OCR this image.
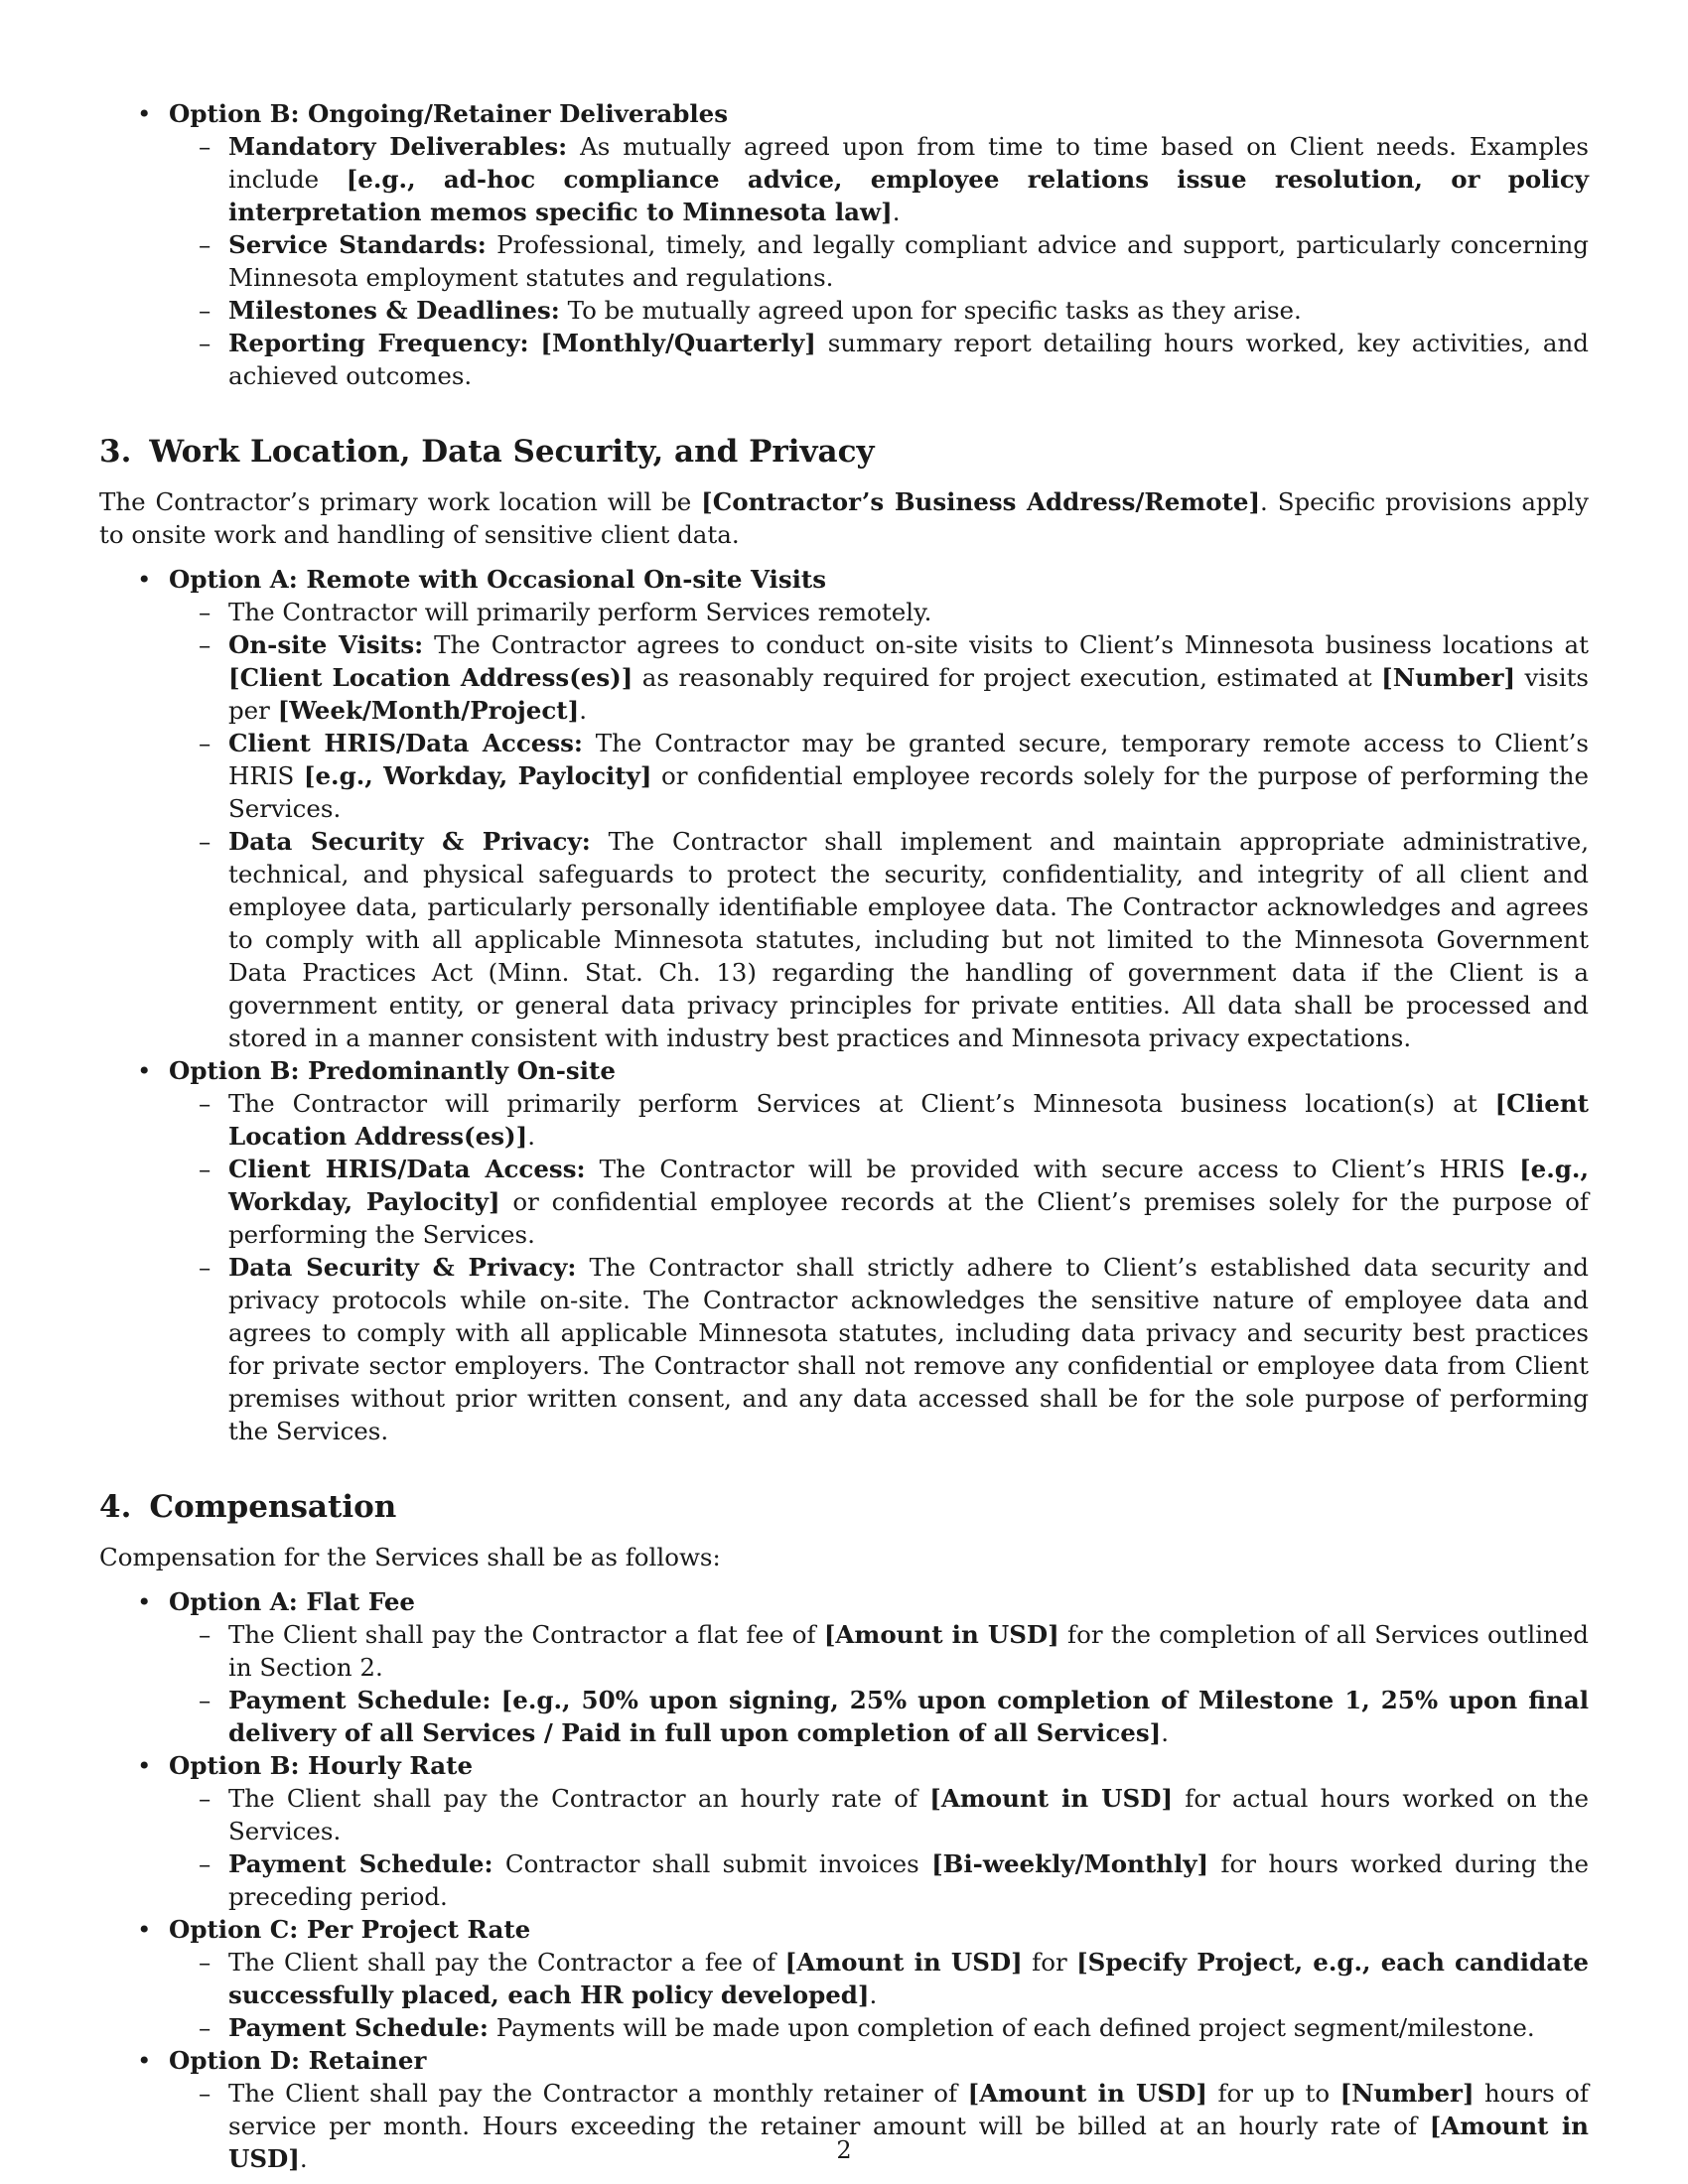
• Option B: Ongoing/Retainer Deliverables
– Mandatory Deliverables: As mutually agreed upon from time to time based on Client needs. Examples include [e.g., ad-hoc compliance advice, employee relations issue resolution, or policy interpretation memos specific to Minnesota law].
– Service Standards: Professional, timely, and legally compliant advice and support, particularly concerning Minnesota employment statutes and regulations.
– Milestones & Deadlines: To be mutually agreed upon for specific tasks as they arise.
– Reporting Frequency: [Monthly/Quarterly] summary report detailing hours worked, key activities, and achieved outcomes.
3. Work Location, Data Security, and Privacy

The Contractor’s primary work location will be [Contractor’s Business Address/Remote]. Specific provisions apply to onsite work and handling of sensitive client data.

• Option A: Remote with Occasional On-site Visits
– The Contractor will primarily perform Services remotely.
– On-site Visits: The Contractor agrees to conduct on-site visits to Client’s Minnesota business locations at [Client Location Address(es)] as reasonably required for project execution, estimated at [Number] visits per [Week/Month/Project].
– Client HRIS/Data Access: The Contractor may be granted secure, temporary remote access to Client’s HRIS [e.g., Workday, Paylocity] or confidential employee records solely for the purpose of performing the Services.
– Data Security & Privacy: The Contractor shall implement and maintain appropriate administrative, technical, and physical safeguards to protect the security, confidentiality, and integrity of all client and employee data, particularly personally identifiable employee data. The Contractor acknowledges and agrees to comply with all applicable Minnesota statutes, including but not limited to the Minnesota Government Data Practices Act (Minn. Stat. Ch. 13) regarding the handling of government data if the Client is a government entity, or general data privacy principles for private entities. All data shall be processed and stored in a manner consistent with industry best practices and Minnesota privacy expectations.
• Option B: Predominantly On-site
– The Contractor will primarily perform Services at Client’s Minnesota business location(s) at [Client Location Address(es)].
– Client HRIS/Data Access: The Contractor will be provided with secure access to Client’s HRIS [e.g., Workday, Paylocity] or confidential employee records at the Client’s premises solely for the purpose of performing the Services.
– Data Security & Privacy: The Contractor shall strictly adhere to Client’s established data security and privacy protocols while on-site. The Contractor acknowledges the sensitive nature of employee data and agrees to comply with all applicable Minnesota statutes, including data privacy and security best practices for private sector employers. The Contractor shall not remove any confidential or employee data from Client premises without prior written consent, and any data accessed shall be for the sole purpose of performing the Services.
4. Compensation

Compensation for the Services shall be as follows:

• Option A: Flat Fee
– The Client shall pay the Contractor a flat fee of [Amount in USD] for the completion of all Services outlined in Section 2.
– Payment Schedule: [e.g., 50% upon signing, 25% upon completion of Milestone 1, 25% upon final delivery of all Services / Paid in full upon completion of all Services].
• Option B: Hourly Rate
– The Client shall pay the Contractor an hourly rate of [Amount in USD] for actual hours worked on the Services.
– Payment Schedule: Contractor shall submit invoices [Bi-weekly/Monthly] for hours worked during the preceding period.
• Option C: Per Project Rate
– The Client shall pay the Contractor a fee of [Amount in USD] for [Specify Project, e.g., each candidate successfully placed, each HR policy developed].
– Payment Schedule: Payments will be made upon completion of each defined project segment/milestone.
• Option D: Retainer
– The Client shall pay the Contractor a monthly retainer of [Amount in USD] for up to [Number] hours of service per month. Hours exceeding the retainer amount will be billed at an hourly rate of [Amount in USD].	2
